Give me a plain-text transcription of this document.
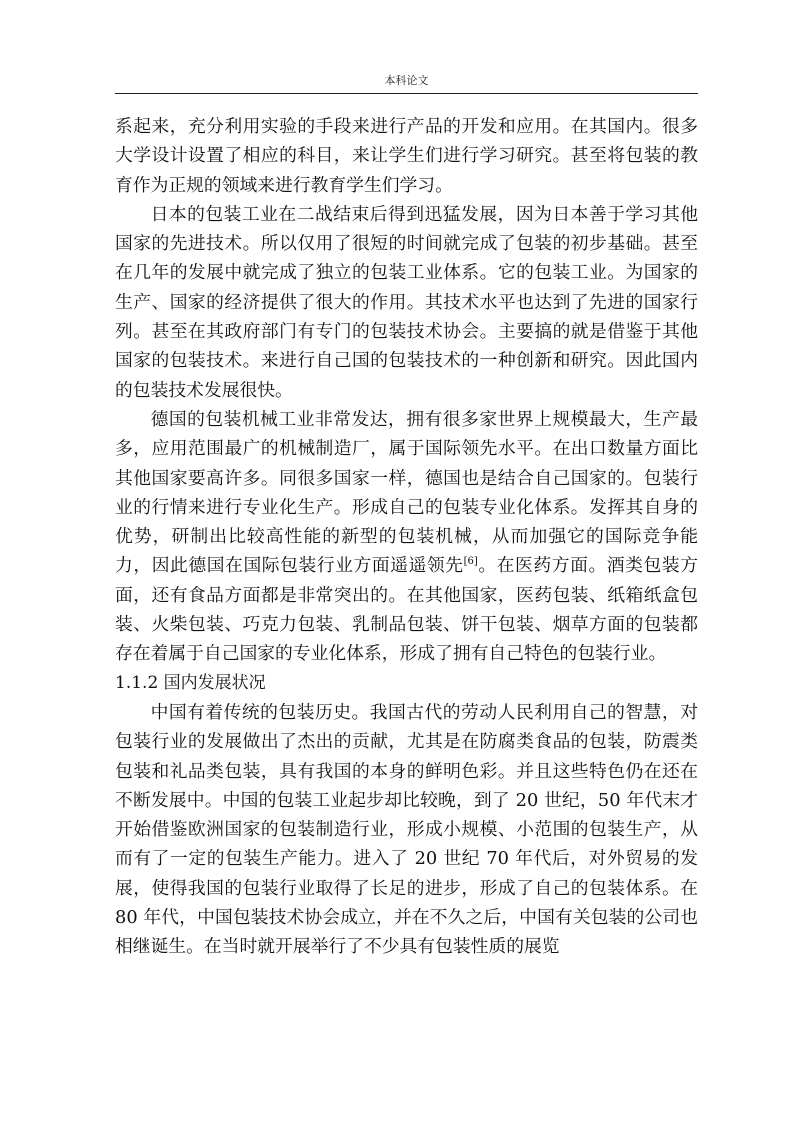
本科论文

系起来，充分利用实验的手段来进行产品的开发和应用。在其国内。很多大学设计设置了相应的科目，来让学生们进行学习研究。甚至将包装的教育作为正规的领域来进行教育学生们学习。

日本的包装工业在二战结束后得到迅猛发展，因为日本善于学习其他国家的先进技术。所以仅用了很短的时间就完成了包装的初步基础。甚至在几年的发展中就完成了独立的包装工业体系。它的包装工业。为国家的生产、国家的经济提供了很大的作用。其技术水平也达到了先进的国家行列。甚至在其政府部门有专门的包装技术协会。主要搞的就是借鉴于其他国家的包装技术。来进行自己国的包装技术的一种创新和研究。因此国内的包装技术发展很快。

德国的包装机械工业非常发达，拥有很多家世界上规模最大，生产最多，应用范围最广的机械制造厂，属于国际领先水平。在出口数量方面比其他国家要高许多。同很多国家一样，德国也是结合自己国家的。包装行业的行情来进行专业化生产。形成自己的包装专业化体系。发挥其自身的优势，研制出比较高性能的新型的包装机械，从而加强它的国际竞争能力，因此德国在国际包装行业方面遥遥领先[6]。在医药方面。酒类包装方面，还有食品方面都是非常突出的。在其他国家，医药包装、纸箱纸盒包装、火柴包装、巧克力包装、乳制品包装、饼干包装、烟草方面的包装都存在着属于自己国家的专业化体系，形成了拥有自己特色的包装行业。

1.1.2 国内发展状况

中国有着传统的包装历史。我国古代的劳动人民利用自己的智慧，对包装行业的发展做出了杰出的贡献，尤其是在防腐类食品的包装，防震类包装和礼品类包装，具有我国的本身的鲜明色彩。并且这些特色仍在还在不断发展中。中国的包装工业起步却比较晚，到了 20 世纪，50 年代末才开始借鉴欧洲国家的包装制造行业，形成小规模、小范围的包装生产，从而有了一定的包装生产能力。进入了 20 世纪 70 年代后，对外贸易的发展，使得我国的包装行业取得了长足的进步，形成了自己的包装体系。在 80 年代，中国包装技术协会成立，并在不久之后，中国有关包装的公司也相继诞生。在当时就开展举行了不少具有包装性质的展览
